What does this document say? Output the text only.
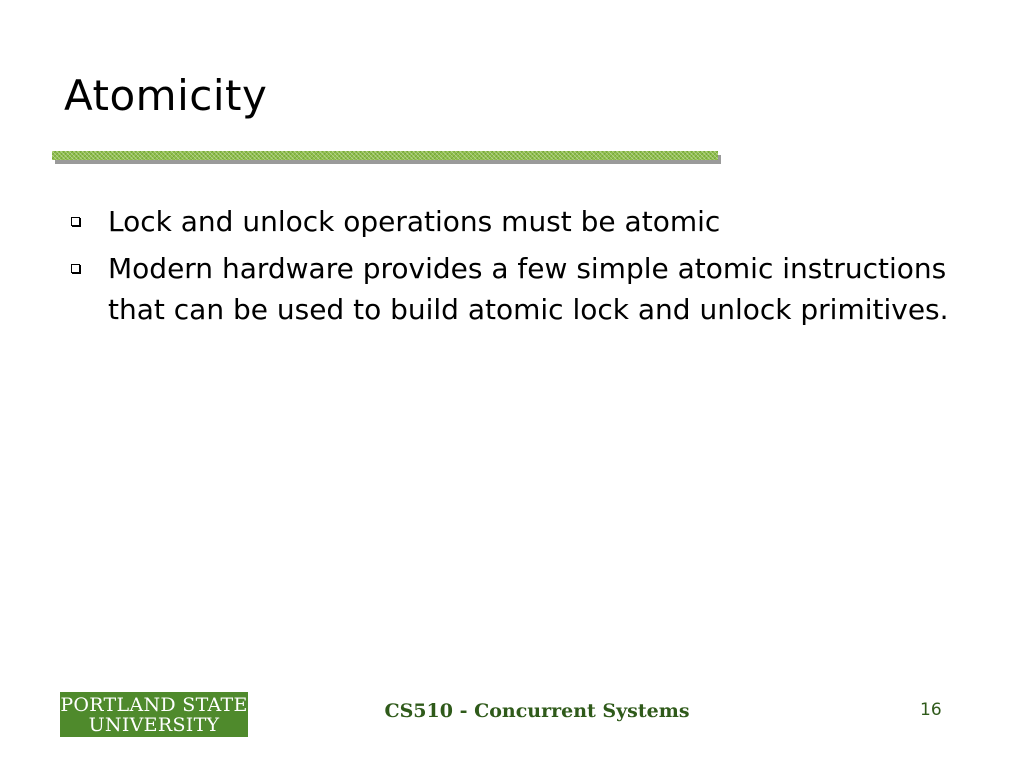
Atomicity
Lock and unlock operations must be atomic
Modern hardware provides a few simple atomic instructions that can be used to build atomic lock and unlock primitives.
PORTLAND STATE
UNIVERSITY
CS510 - Concurrent Systems	16
